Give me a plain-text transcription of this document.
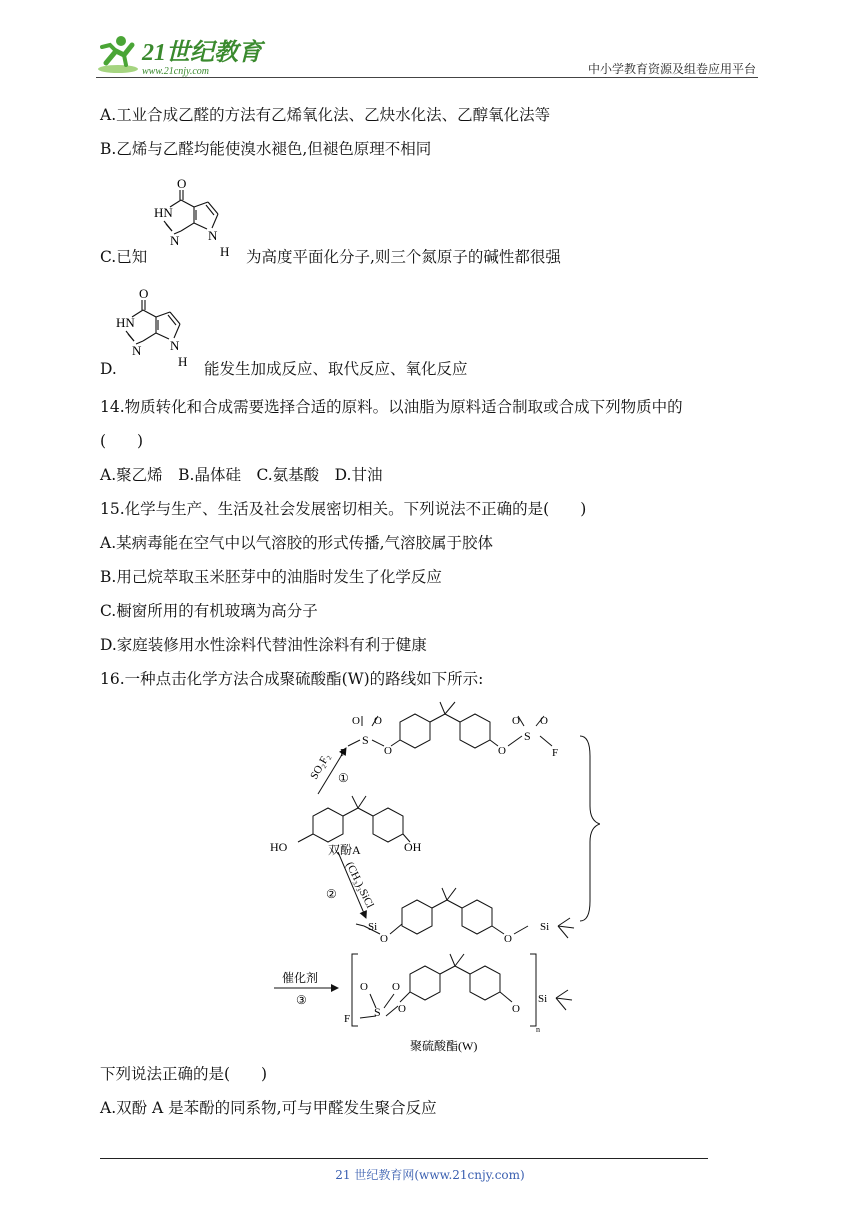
21世纪教育
www.21cnjy.com	中小学教育资源及组卷应用平台
A.工业合成乙醛的方法有乙烯氧化法、乙炔水化法、乙醇氧化法等
B.乙烯与乙醛均能使溴水褪色,但褪色原理不相同
C.已知
O
HN
N N
H 为高度平面化分子,则三个氮原子的碱性都很强
D.
O
HN
N N
H 能发生加成反应、取代反应、氧化反应
14.物质转化和合成需要选择合适的原料。以油脂为原料适合制取或合成下列物质中的
(　　)
A.聚乙烯　B.晶体硅　C.氨基酸　D.甘油
15.化学与生产、生活及社会发展密切相关。下列说法不正确的是(　　)
A.某病毒能在空气中以气溶胶的形式传播,气溶胶属于胶体
B.用己烷萃取玉米胚芽中的油脂时发生了化学反应
C.橱窗所用的有机玻璃为高分子
D.家庭装修用水性涂料代替油性涂料有利于健康
16.一种点击化学方法合成聚硫酸酯(W)的路线如下所示:
O O
S
F	O	O
S
O O
F
SO₂F₂ ①
HO	OH
双酚A
(CH₃)₃SiCl
②
Si
O	O
Si
催化剂
③
O O
S O
F
O
Si
n
聚硫酸酯(W)
下列说法正确的是(　　)
A.双酚 A 是苯酚的同系物,可与甲醛发生聚合反应
21 世纪教育网(www.21cnjy.com)
